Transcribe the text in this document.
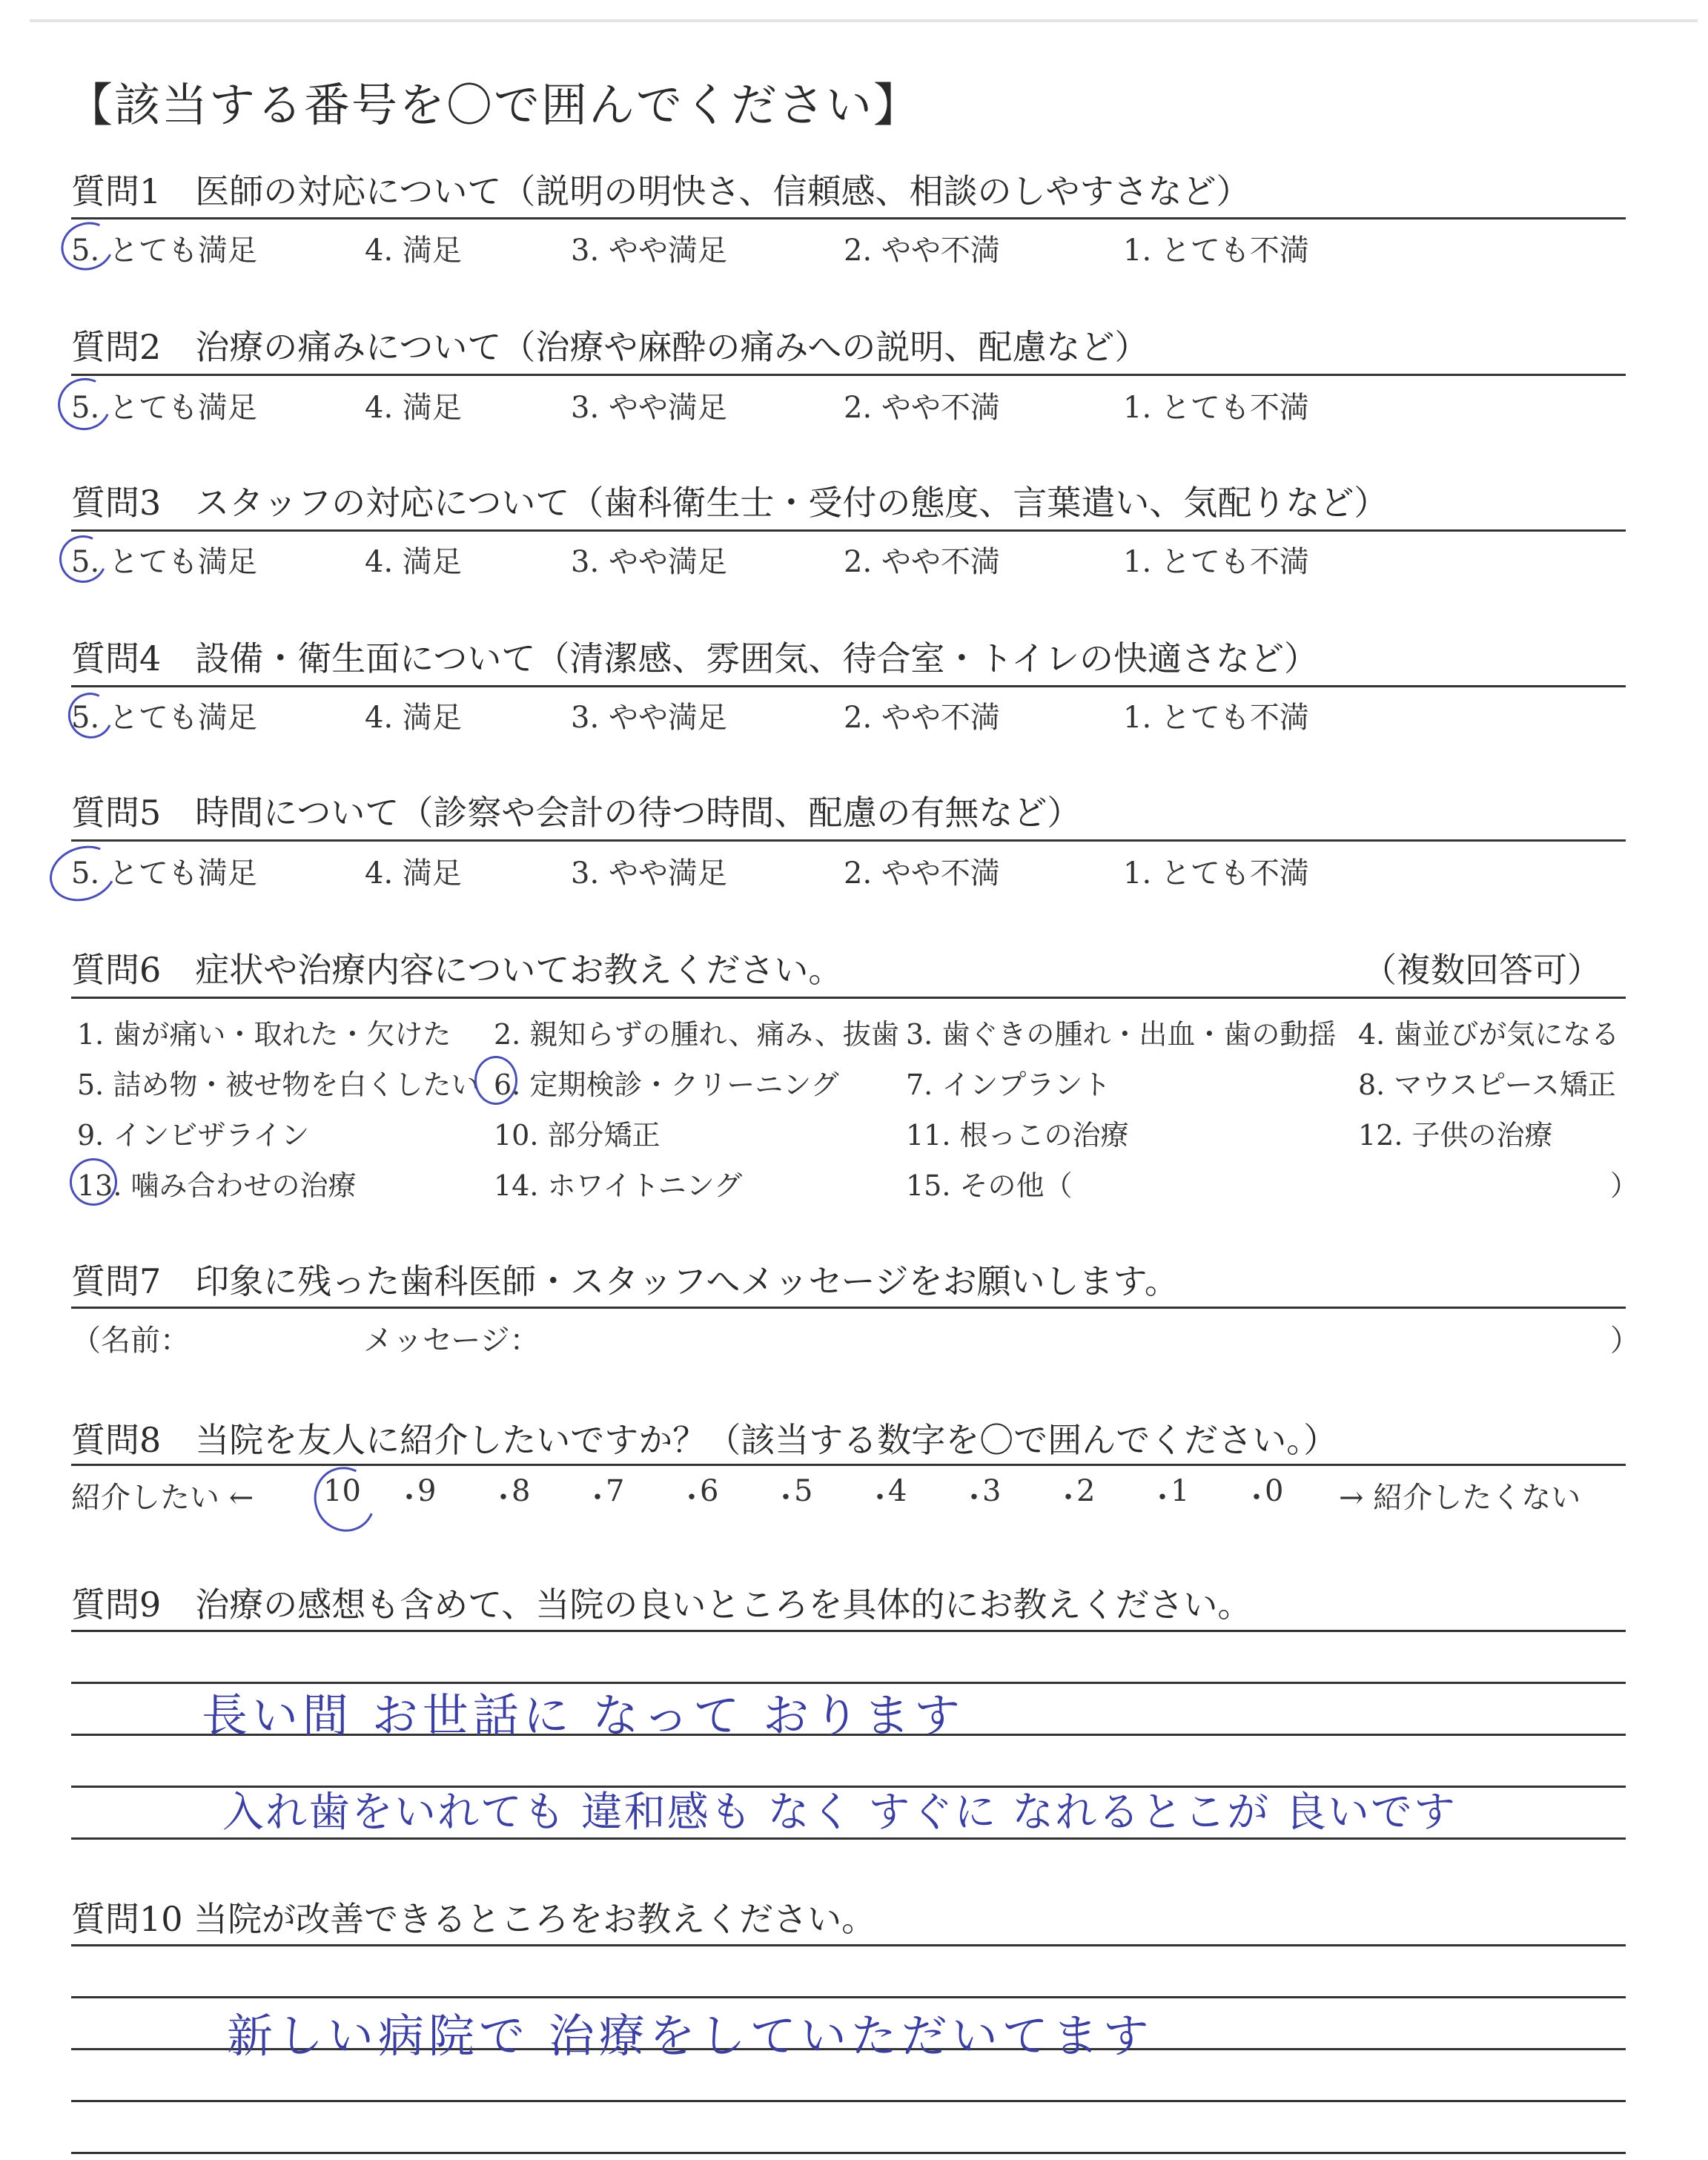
【該当する番号を〇で囲んでください】
質問1　医師の対応について（説明の明快さ、信頼感、相談のしやすさなど）
5. とても満足	4. 満足	3. やや満足	2. やや不満	1. とても不満
質問2　治療の痛みについて（治療や麻酔の痛みへの説明、配慮など）
5. とても満足	4. 満足	3. やや満足	2. やや不満	1. とても不満
質問3　スタッフの対応について（歯科衛生士・受付の態度、言葉遣い、気配りなど）
5. とても満足	4. 満足	3. やや満足	2. やや不満	1. とても不満
質問4　設備・衛生面について（清潔感、雰囲気、待合室・トイレの快適さなど）
5. とても満足	4. 満足	3. やや満足	2. やや不満	1. とても不満
質問5　時間について（診察や会計の待つ時間、配慮の有無など）
5. とても満足	4. 満足	3. やや満足	2. やや不満	1. とても不満
質問6　症状や治療内容についてお教えください。	（複数回答可）
1. 歯が痛い・取れた・欠けた 2. 親知らずの腫れ、痛み、抜歯 3. 歯ぐきの腫れ・出血・歯の動揺 4. 歯並びが気になる
5. 詰め物・被せ物を白くしたい 6. 定期検診・クリーニング 7. インプラント	8. マウスピース矯正
9. インビザライン	10. 部分矯正	11. 根っこの治療	12. 子供の治療
13. 噛み合わせの治療	14. ホワイトニング	15. その他（	）
質問7　印象に残った歯科医師・スタッフへメッセージをお願いします。
（名前：	メッセージ：	）
質問8　当院を友人に紹介したいですか？（該当する数字を〇で囲んでください。）
紹介したい ←	→ 紹介したくない
10 ・
9 ・
8 ・
7 ・
6 ・
5 ・
4 ・
3 ・
2 ・
1 ・
0
質問9　治療の感想も含めて、当院の良いところを具体的にお教えください。
長い間 お世話に なって おります
入れ歯をいれても 違和感も なく すぐに なれるとこが 良いです
質問10 当院が改善できるところをお教えください。
新しい病院で 治療をしていただいてます
